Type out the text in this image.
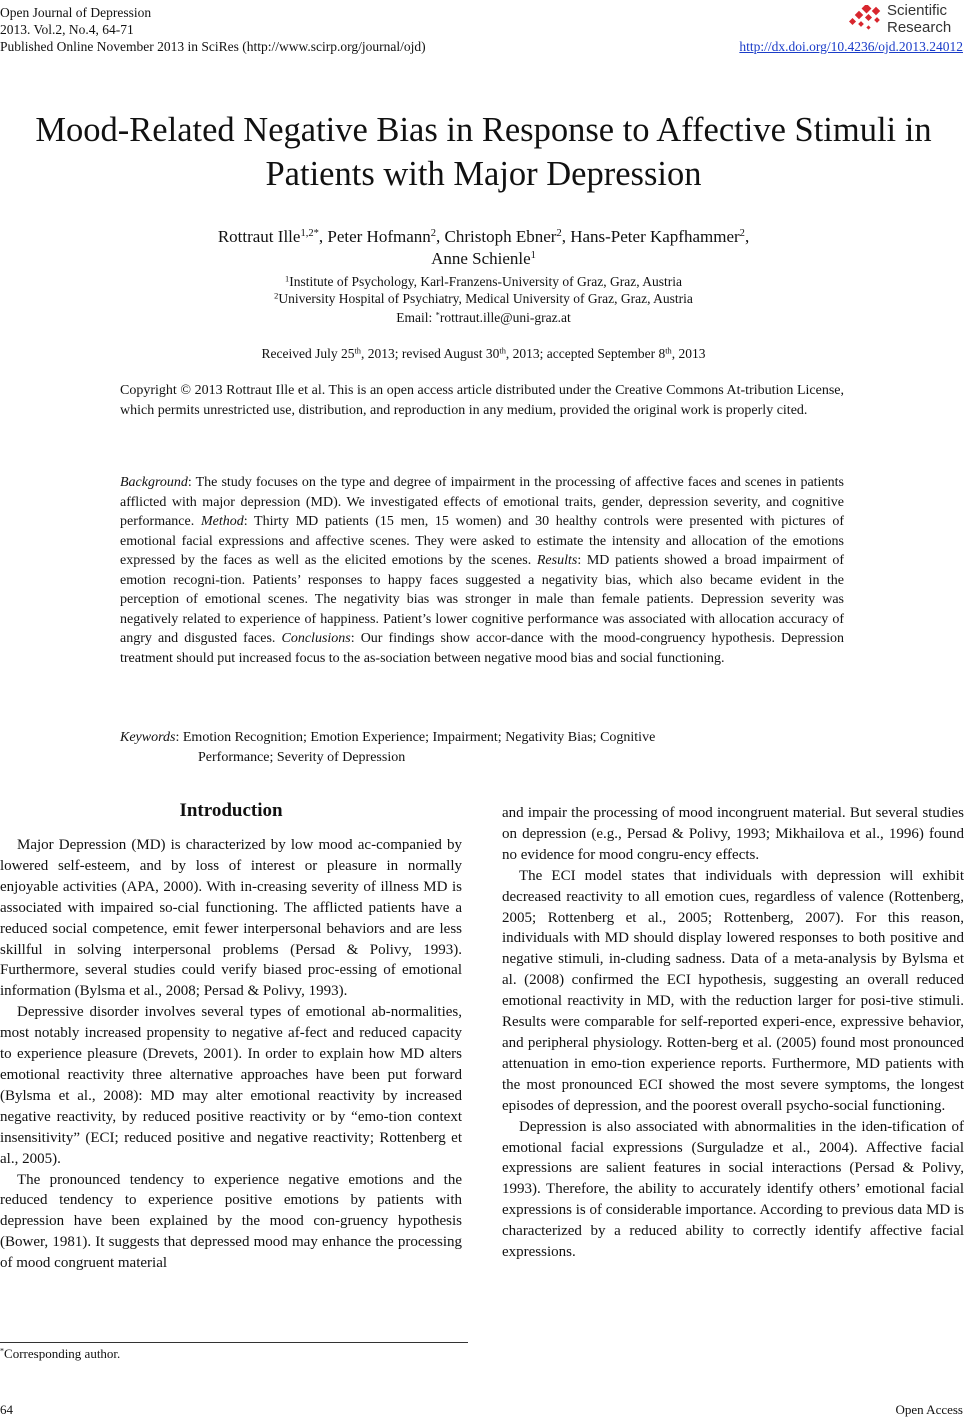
Open Journal of Depression
2013. Vol.2, No.4, 64-71
Published Online November 2013 in SciRes (http://www.scirp.org/journal/ojd)	http://dx.doi.org/10.4236/ojd.2013.24012
Scientific
Research
Mood-Related Negative Bias in Response to Affective Stimuli in
Patients with Major Depression
Rottraut Ille$^{1,2*}$, Peter Hofmann$^2$, Christoph Ebner$^2$, Hans-Peter Kapfhammer$^2$,
Anne Schienle$^1$
$^1$Institute of Psychology, Karl-Franzens-University of Graz, Graz, Austria
$^2$University Hospital of Psychiatry, Medical University of Graz, Graz, Austria
Email: *rottraut.ille@uni-graz.at
Received July 25th, 2013; revised August 30th, 2013; accepted September 8th, 2013
Copyright © 2013 Rottraut Ille et al. This is an open access article distributed under the Creative Commons At-tribution License, which permits unrestricted use, distribution, and reproduction in any medium, provided the original work is properly cited.
Background: The study focuses on the type and degree of impairment in the processing of affective faces and scenes in patients afflicted with major depression (MD). We investigated effects of emotional traits, gender, depression severity, and cognitive performance. Method: Thirty MD patients (15 men, 15 women) and 30 healthy controls were presented with pictures of emotional facial expressions and affective scenes. They were asked to estimate the intensity and allocation of the emotions expressed by the faces as well as the elicited emotions by the scenes. Results: MD patients showed a broad impairment of emotion recogni-tion. Patients’ responses to happy faces suggested a negativity bias, which also became evident in the perception of emotional scenes. The negativity bias was stronger in male than female patients. Depression severity was negatively related to experience of happiness. Patient’s lower cognitive performance was associated with allocation accuracy of angry and disgusted faces. Conclusions: Our findings show accor-dance with the mood-congruency hypothesis. Depression treatment should put increased focus to the as-sociation between negative mood bias and social functioning.
Keywords: Emotion Recognition; Emotion Experience; Impairment; Negativity Bias; Cognitive
Performance; Severity of Depression
Introduction

Major Depression (MD) is characterized by low mood ac-companied by lowered self-esteem, and by loss of interest or pleasure in normally enjoyable activities (APA, 2000). With in-creasing severity of illness MD is associated with impaired so-cial functioning. The afflicted patients have a reduced social competence, emit fewer interpersonal behaviors and are less skillful in solving interpersonal problems (Persad & Polivy, 1993). Furthermore, several studies could verify biased proc-essing of emotional information (Bylsma et al., 2008; Persad & Polivy, 1993).

Depressive disorder involves several types of emotional ab-normalities, most notably increased propensity to negative af-fect and reduced capacity to experience pleasure (Drevets, 2001). In order to explain how MD alters emotional reactivity three alternative approaches have been put forward (Bylsma et al., 2008): MD may alter emotional reactivity by increased negative reactivity, by reduced positive reactivity or by “emo-tion context insensitivity” (ECI; reduced positive and negative reactivity; Rottenberg et al., 2005).

The pronounced tendency to experience negative emotions and the reduced tendency to experience positive emotions by patients with depression have been explained by the mood con-gruency hypothesis (Bower, 1981). It suggests that depressed mood may enhance the processing of mood congruent material

and impair the processing of mood incongruent material. But several studies on depression (e.g., Persad & Polivy, 1993; Mikhailova et al., 1996) found no evidence for mood congru-ency effects.

The ECI model states that individuals with depression will exhibit decreased reactivity to all emotion cues, regardless of valence (Rottenberg, 2005; Rottenberg et al., 2005; Rottenberg, 2007). For this reason, individuals with MD should display lowered responses to both positive and negative stimuli, in-cluding sadness. Data of a meta-analysis by Bylsma et al. (2008) confirmed the ECI hypothesis, suggesting an overall reduced emotional reactivity in MD, with the reduction larger for posi-tive stimuli. Results were comparable for self-reported experi-ence, expressive behavior, and peripheral physiology. Rotten-berg et al. (2005) found most pronounced attenuation in emo-tion experience reports. Furthermore, MD patients with the most pronounced ECI showed the most severe symptoms, the longest episodes of depression, and the poorest overall psycho-social functioning.

Depression is also associated with abnormalities in the iden-tification of emotional facial expressions (Surguladze et al., 2004). Affective facial expressions are salient features in social interactions (Persad & Polivy, 1993). Therefore, the ability to accurately identify others’ emotional facial expressions is of considerable importance. According to previous data MD is characterized by a reduced ability to correctly identify affective facial expressions.

*Corresponding author.
64	Open Access
